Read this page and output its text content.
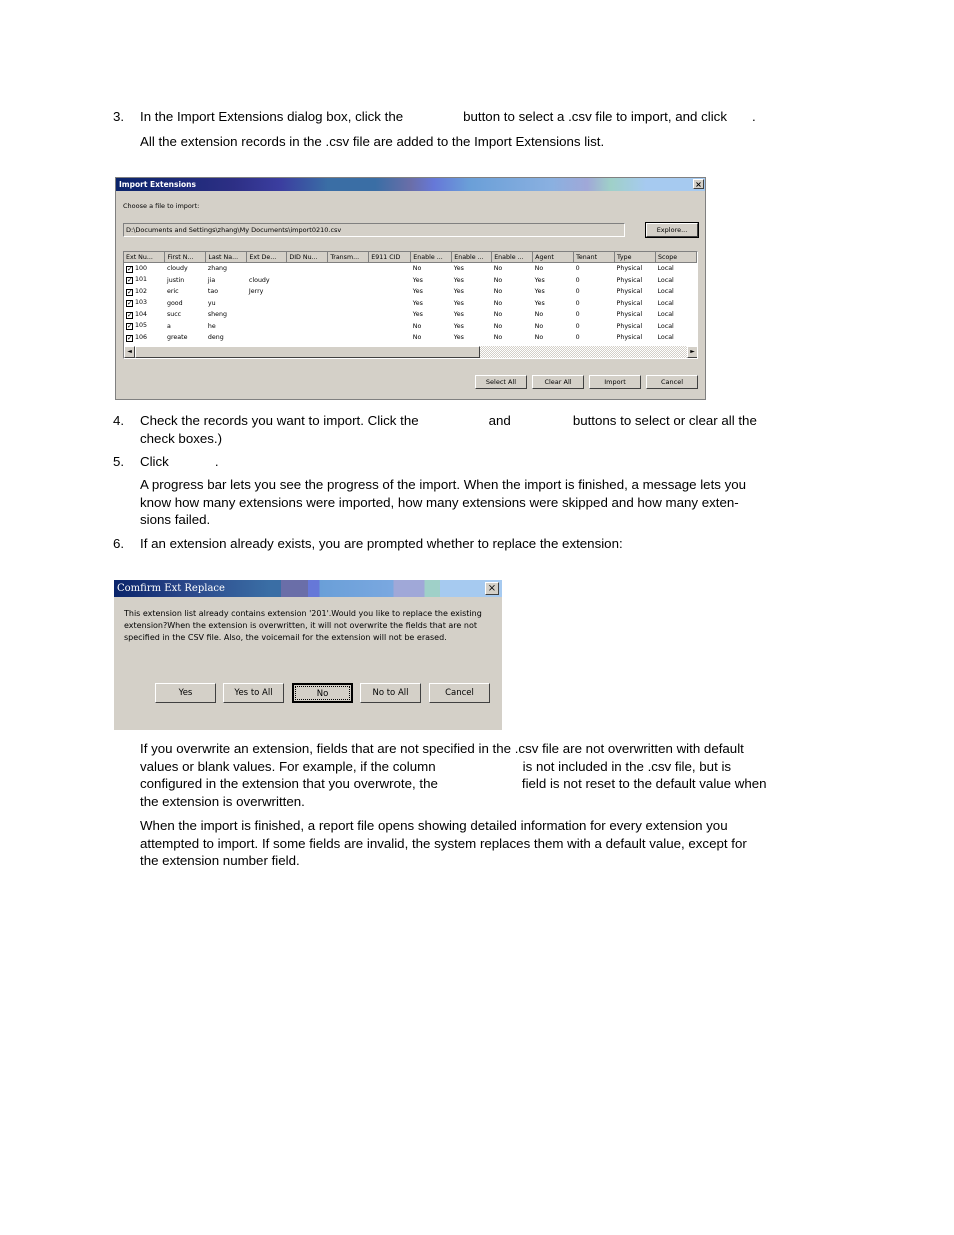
3. In the Import Extensions dialog box, click the	button to select a .csv file to import, and click .
All the extension records in the .csv file are added to the Import Extensions list.
Import Extensions	×
Choose a file to import:
D:\Documents and Settings\zhang\My Documents\import0210.csv	Explore...
Ext Nu...	First N...	Last Na...	Ext De...	DID Nu...	Transm...	E911 CID	Enable ...	Enable ...	Enable ...	Agent	Tenant	Type	Scope
✓ 100	cloudy	zhang					No	Yes	No	No	0	Physical	Local
✓ 101	justin	jia	cloudy				Yes	Yes	No	Yes	0	Physical	Local
✓ 102	eric	tao	Jerry				Yes	Yes	No	Yes	0	Physical	Local
✓ 103	good	yu					Yes	Yes	No	Yes	0	Physical	Local
✓ 104	succ	sheng					Yes	Yes	No	No	0	Physical	Local
✓ 105	a	he					No	Yes	No	No	0	Physical	Local
✓ 106	greate	deng					No	Yes	No	No	0	Physical	Local
◄	►
Select All	Clear All	Import	Cancel
4. Check the records you want to import. Click the	and	buttons to select or clear all the
check boxes.)
5. Click	.
A progress bar lets you see the progress of the import. When the import is finished, a message lets you
know how many extensions were imported, how many extensions were skipped and how many exten-
sions failed.
6. If an extension already exists, you are prompted whether to replace the extension:
Comfirm Ext Replace	×
This extension list already contains extension '201'.Would you like to replace the existing extension?When the extension is overwritten, it will not overwrite the fields that are not specified in the CSV file. Also, the voicemail for the extension will not be erased.
Yes	Yes to All	No	No to All	Cancel
If you overwrite an extension, fields that are not specified in the .csv file are not overwritten with default
values or blank values. For example, if the column	is not included in the .csv file, but is
configured in the extension that you overwrote, the	field is not reset to the default value when
the extension is overwritten.
When the import is finished, a report file opens showing detailed information for every extension you
attempted to import. If some fields are invalid, the system replaces them with a default value, except for
the extension number field.
